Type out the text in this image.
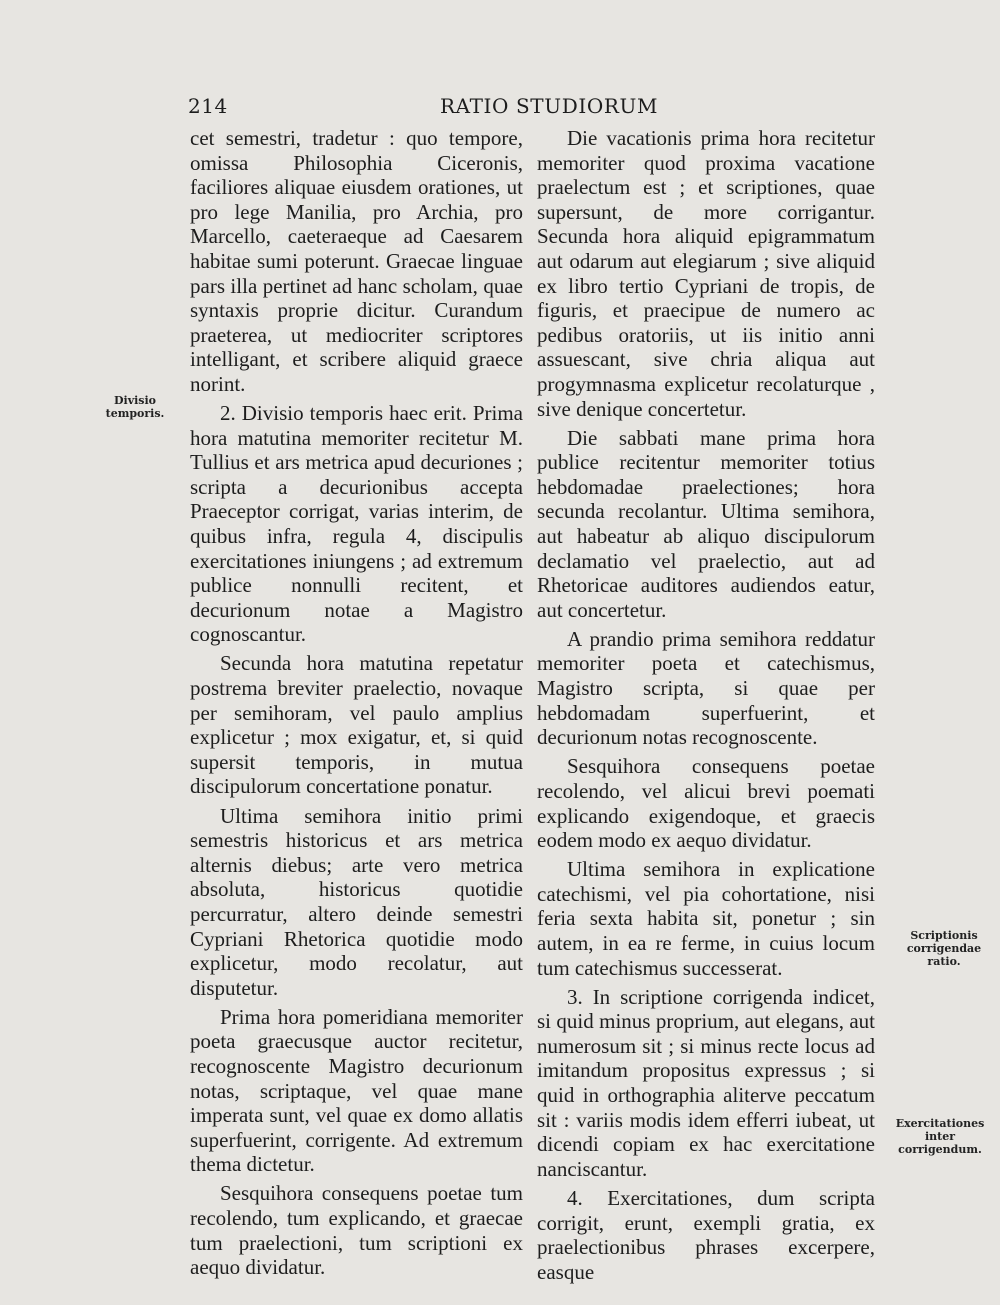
214	RATIO STUDIORUM
Divisio
temporis.

cet semestri, tradetur : quo tempore, omissa Philosophia Ciceronis, faciliores aliquae eiusdem orationes, ut pro lege Manilia, pro Archia, pro Marcello, caeteraeque ad Caesarem habitae sumi poterunt. Graecae linguae pars illa pertinet ad hanc scholam, quae syntaxis proprie dicitur. Curandum praeterea, ut mediocriter scriptores intelligant, et scribere aliquid graece norint.

2. Divisio temporis haec erit. Prima hora matutina memoriter recitetur M. Tullius et ars metrica apud decuriones ; scripta a decurionibus accepta Praeceptor corrigat, varias interim, de quibus infra, regula 4, discipulis exercitationes iniungens ; ad extremum publice nonnulli recitent, et decurionum notae a Magistro cognoscantur.

Secunda hora matutina repetatur postrema breviter praelectio, novaque per semihoram, vel paulo amplius explicetur ; mox exigatur, et, si quid supersit temporis, in mutua discipulorum concertatione ponatur.

Ultima semihora initio primi semestris historicus et ars metrica alternis diebus; arte vero metrica absoluta, historicus quotidie percurratur, altero deinde semestri Cypriani Rhetorica quotidie modo explicetur, modo recolatur, aut disputetur.

Prima hora pomeridiana memoriter poeta graecusque auctor recitetur, recognoscente Magistro decurionum notas, scriptaque, vel quae mane imperata sunt, vel quae ex domo allatis superfuerint, corrigente. Ad extremum thema dictetur.

Sesquihora consequens poetae tum recolendo, tum explicando, et graecae tum praelectioni, tum scriptioni ex aequo dividatur.

Die vacationis prima hora recitetur memoriter quod proxima vacatione praelectum est ; et scriptiones, quae supersunt, de more corrigantur. Secunda hora aliquid epigrammatum aut odarum aut elegiarum ; sive aliquid ex libro tertio Cypriani de tropis, de figuris, et praecipue de numero ac pedibus oratoriis, ut iis initio anni assuescant, sive chria aliqua aut progymnasma explicetur recolaturque , sive denique concertetur.

Die sabbati mane prima hora publice recitentur memoriter totius hebdomadae praelectiones; hora secunda recolantur. Ultima semihora, aut habeatur ab aliquo discipulorum declamatio vel praelectio, aut ad Rhetoricae auditores audiendos eatur, aut concertetur.

A prandio prima semihora reddatur memoriter poeta et catechismus, Magistro scripta, si quae per hebdomadam superfuerint, et decurionum notas recognoscente.

Sesquihora consequens poetae recolendo, vel alicui brevi poemati explicando exigendoque, et graecis eodem modo ex aequo dividatur.

Ultima semihora in explicatione catechismi, vel pia cohortatione, nisi feria sexta habita sit, ponetur ; sin autem, in ea re ferme, in cuius locum tum catechismus successerat.

3. In scriptione corrigenda indicet, si quid minus proprium, aut elegans, aut numerosum sit ; si minus recte locus ad imitandum propositus expressus ; si quid in orthographia aliterve peccatum sit : variis modis idem efferri iubeat, ut dicendi copiam ex hac exercitatione nanciscantur.

4. Exercitationes, dum scripta corrigit, erunt, exempli gratia, ex praelectionibus phrases excerpere, easque

Scriptionis
corrigendae
ratio.
Exercitationes
inter
corrigendum.
